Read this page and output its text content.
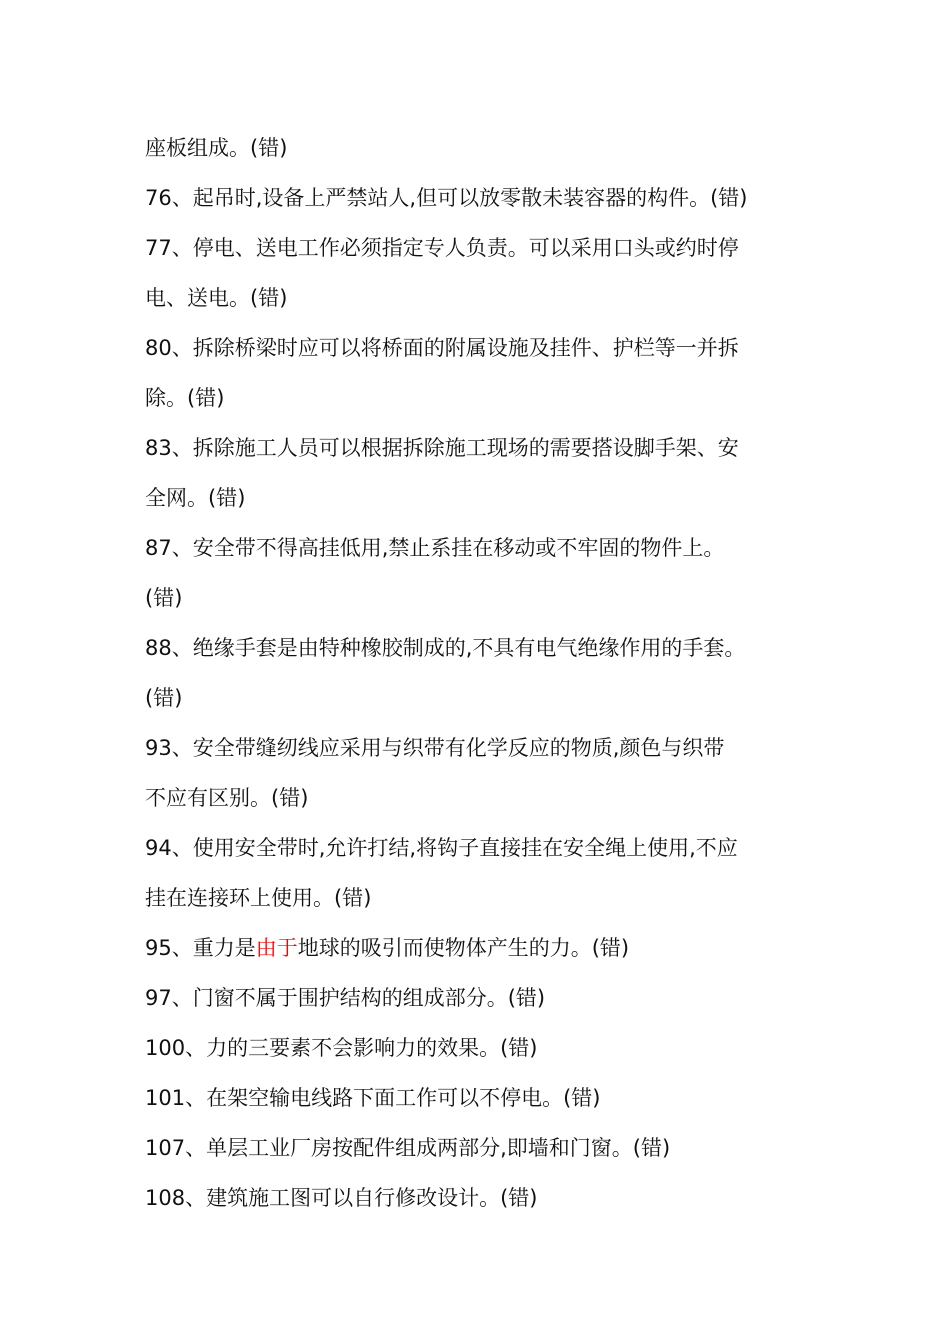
座板组成。(错)
76、起吊时,设备上严禁站人,但可以放零散未装容器的构件。(错)
77、停电、送电工作必须指定专人负责。可以采用口头或约时停
电、送电。(错)
80、拆除桥梁时应可以将桥面的附属设施及挂件、护栏等一并拆
除。(错)
83、拆除施工人员可以根据拆除施工现场的需要搭设脚手架、安
全网。(错)
87、安全带不得高挂低用,禁止系挂在移动或不牢固的物件上。
(错)
88、绝缘手套是由特种橡胶制成的,不具有电气绝缘作用的手套。
(错)
93、安全带缝纫线应采用与织带有化学反应的物质,颜色与织带
不应有区别。(错)
94、使用安全带时,允许打结,将钩子直接挂在安全绳上使用,不应
挂在连接环上使用。(错)
95、重力是由于地球的吸引而使物体产生的力。(错)
97、门窗不属于围护结构的组成部分。(错)
100、力的三要素不会影响力的效果。(错)
101、在架空输电线路下面工作可以不停电。(错)
107、单层工业厂房按配件组成两部分,即墙和门窗。(错)
108、建筑施工图可以自行修改设计。(错)
